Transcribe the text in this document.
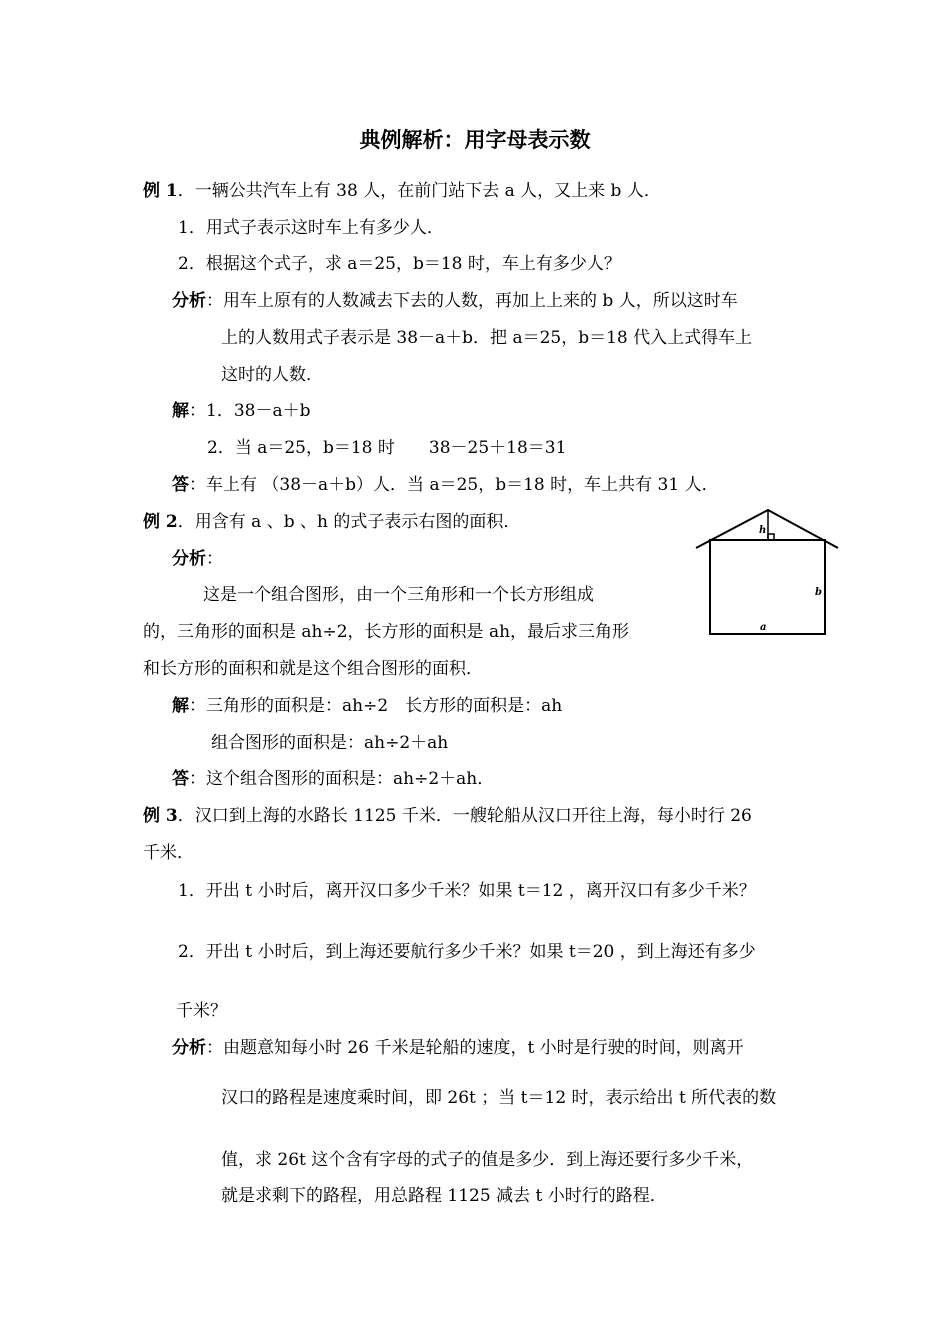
典例解析：用字母表示数
例 1．一辆公共汽车上有 38 人，在前门站下去 a 人，又上来 b 人．
1．用式子表示这时车上有多少人．
2．根据这个式子，求 a＝25，b＝18 时，车上有多少人？
分析：用车上原有的人数减去下去的人数，再加上上来的 b 人，所以这时车
上的人数用式子表示是 38－a＋b．把 a＝25，b＝18 代入上式得车上
这时的人数．
解：1．38－a＋b
2．当 a＝25，b＝18 时　　38－25＋18＝31
答：车上有 （38－a＋b）人．当 a＝25，b＝18 时，车上共有 31 人．
例 2．用含有 a 、b 、h 的式子表示右图的面积．
分析：
这是一个组合图形，由一个三角形和一个长方形组成
的，三角形的面积是 ah÷2，长方形的面积是 ah，最后求三角形
和长方形的面积和就是这个组合图形的面积．
解：三角形的面积是：ah÷2　长方形的面积是：ah
组合图形的面积是：ah÷2＋ah
答：这个组合图形的面积是：ah÷2＋ah．
h
b
a
例 3．汉口到上海的水路长 1125 千米．一艘轮船从汉口开往上海，每小时行 26
千米．
1．开出 t 小时后，离开汉口多少千米？如果 t＝12 ，离开汉口有多少千米？
2．开出 t 小时后，到上海还要航行多少千米？如果 t＝20 ，到上海还有多少
千米？
分析：由题意知每小时 26 千米是轮船的速度，t 小时是行驶的时间，则离开
汉口的路程是速度乘时间，即 26t ；当 t＝12 时，表示给出 t 所代表的数
值，求 26t 这个含有字母的式子的值是多少．到上海还要行多少千米，
就是求剩下的路程，用总路程 1125 减去 t 小时行的路程．
